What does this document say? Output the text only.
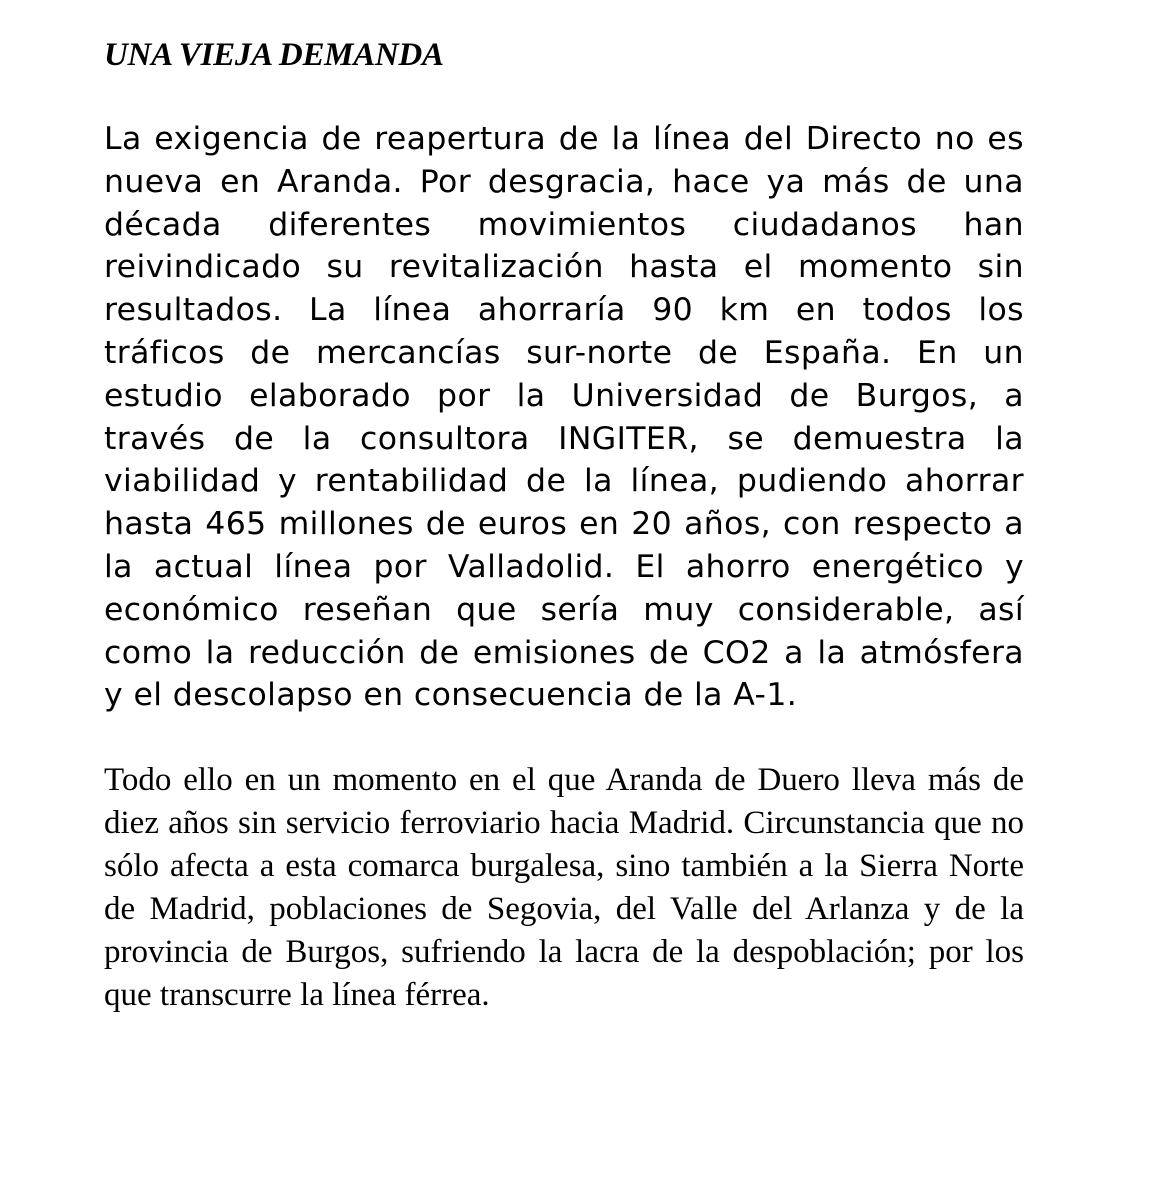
UNA VIEJA DEMANDA

La exigencia de reapertura de la línea del Directo no es nueva en Aranda. Por desgracia, hace ya más de una década diferentes movimientos ciudadanos han reivindicado su revitalización hasta el momento sin resultados. La línea ahorraría 90 km en todos los tráficos de mercancías sur-norte de España. En un estudio elaborado por la Universidad de Burgos, a través de la consultora INGITER, se demuestra la viabilidad y rentabilidad de la línea, pudiendo ahorrar hasta 465 millones de euros en 20 años, con respecto a la actual línea por Valladolid. El ahorro energético y económico reseñan que sería muy considerable, así como la reducción de emisiones de CO2 a la atmósfera y el descolapso en consecuencia de la A-1.

Todo ello en un momento en el que Aranda de Duero lleva más de diez años sin servicio ferroviario hacia Madrid. Circunstancia que no sólo afecta a esta comarca burgalesa, sino también a la Sierra Norte de Madrid, poblaciones de Segovia, del Valle del Arlanza y de la provincia de Burgos, sufriendo la lacra de la despoblación; por los que transcurre la línea férrea.
